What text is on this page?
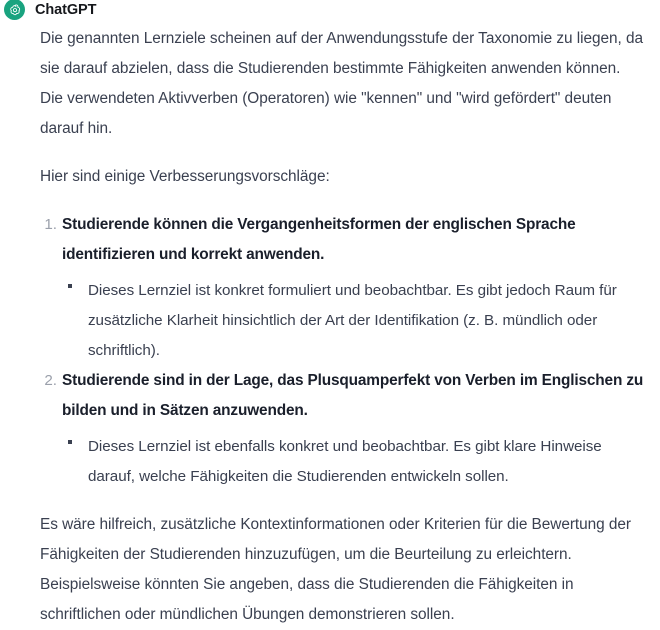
ChatGPT

Die genannten Lernziele scheinen auf der Anwendungsstufe der Taxonomie zu liegen, da sie darauf abzielen, dass die Studierenden bestimmte Fähigkeiten anwenden können. Die verwendeten Aktivverben (Operatoren) wie "kennen" und "wird gefördert" deuten darauf hin.

Hier sind einige Verbesserungsvorschläge:

1. Studierende können die Vergangenheitsformen der englischen Sprache identifizieren und korrekt anwenden.

Dieses Lernziel ist konkret formuliert und beobachtbar. Es gibt jedoch Raum für zusätzliche Klarheit hinsichtlich der Art der Identifikation (z. B. mündlich oder schriftlich).

2. Studierende sind in der Lage, das Plusquamperfekt von Verben im Englischen zu bilden und in Sätzen anzuwenden.

Dieses Lernziel ist ebenfalls konkret und beobachtbar. Es gibt klare Hinweise darauf, welche Fähigkeiten die Studierenden entwickeln sollen.

Es wäre hilfreich, zusätzliche Kontextinformationen oder Kriterien für die Bewertung der Fähigkeiten der Studierenden hinzuzufügen, um die Beurteilung zu erleichtern. Beispielsweise könnten Sie angeben, dass die Studierenden die Fähigkeiten in schriftlichen oder mündlichen Übungen demonstrieren sollen.
